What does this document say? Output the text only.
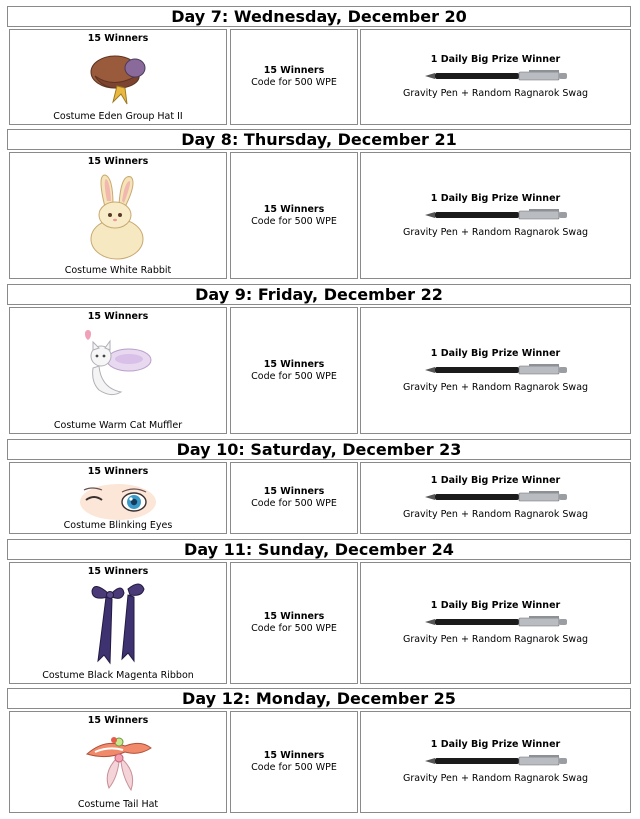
Day 7: Wednesday, December 20
15 Winners
Costume Eden Group Hat II
15 Winners
Code for 500 WPE
1 Daily Big Prize Winner
Gravity Pen + Random Ragnarok Swag
Day 8: Thursday, December 21
15 Winners
Costume White Rabbit
15 Winners
Code for 500 WPE
1 Daily Big Prize Winner
Gravity Pen + Random Ragnarok Swag
Day 9: Friday, December 22
15 Winners
Costume Warm Cat Muffler
15 Winners
Code for 500 WPE
1 Daily Big Prize Winner
Gravity Pen + Random Ragnarok Swag
Day 10: Saturday, December 23
15 Winners
Costume Blinking Eyes
15 Winners
Code for 500 WPE
1 Daily Big Prize Winner
Gravity Pen + Random Ragnarok Swag
Day 11: Sunday, December 24
15 Winners
Costume Black Magenta Ribbon
15 Winners
Code for 500 WPE
1 Daily Big Prize Winner
Gravity Pen + Random Ragnarok Swag
Day 12: Monday, December 25
15 Winners
Costume Tail Hat
15 Winners
Code for 500 WPE
1 Daily Big Prize Winner
Gravity Pen + Random Ragnarok Swag
